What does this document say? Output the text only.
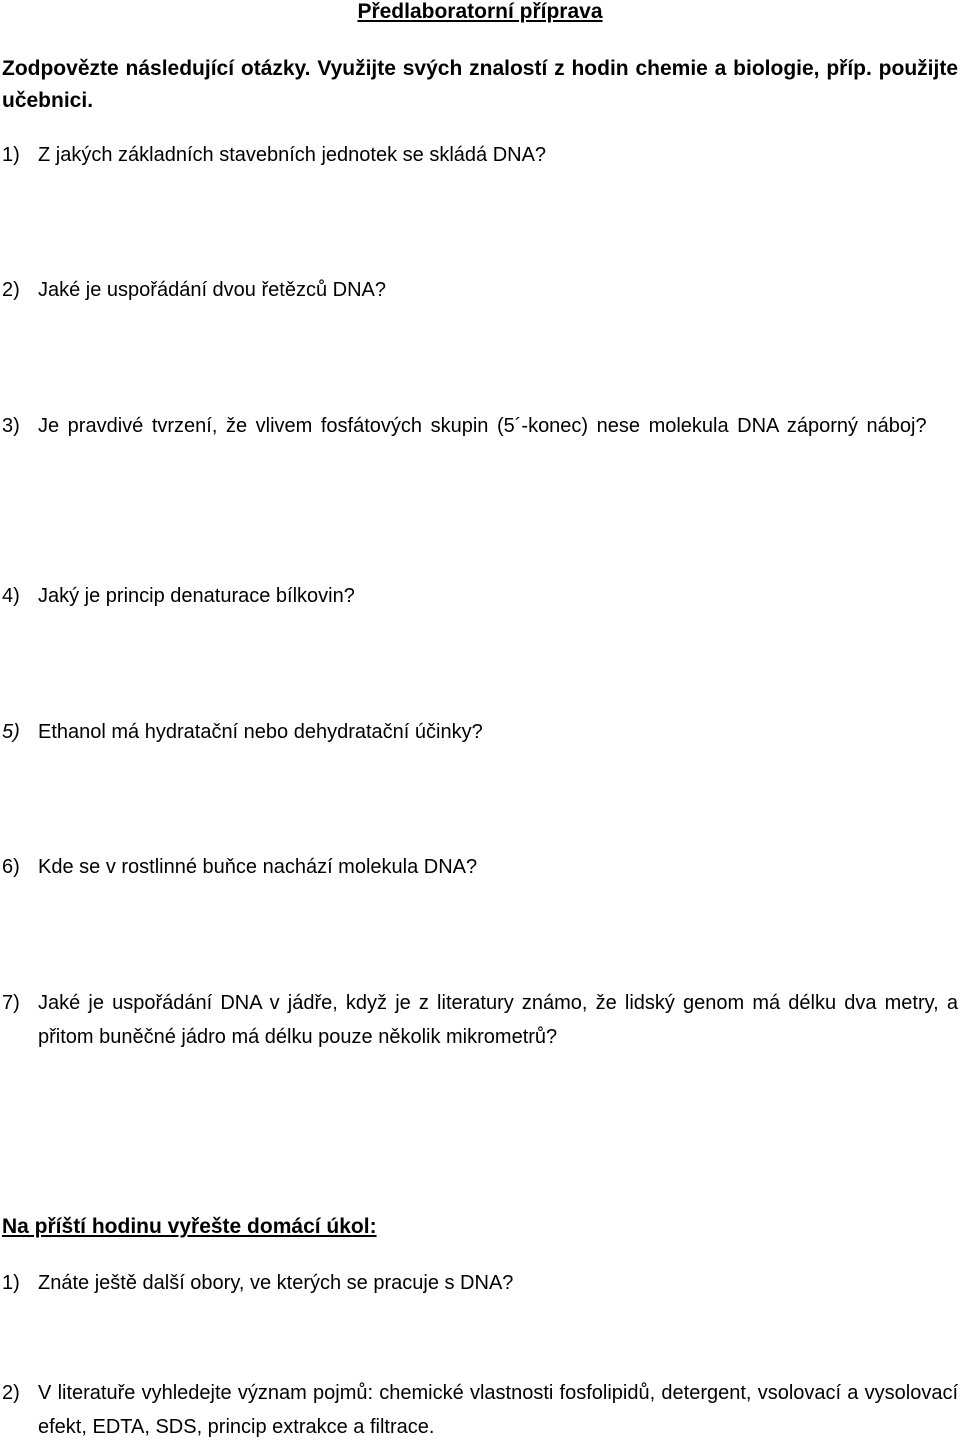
Předlaboratorní příprava
Zodpovězte následující otázky. Využijte svých znalostí z hodin chemie a biologie, příp. použijte učebnici.
1) Z jakých základních stavebních jednotek se skládá DNA?
2) Jaké je uspořádání dvou řetězců DNA?
3) Je pravdivé tvrzení, že vlivem fosfátových skupin (5´-konec) nese molekula DNA záporný náboj?
4) Jaký je princip denaturace bílkovin?
5) Ethanol má hydratační nebo dehydratační účinky?
6) Kde se v rostlinné buňce nachází molekula DNA?
7) Jaké je uspořádání DNA v jádře, když je z literatury známo, že lidský genom má délku dva metry, a přitom buněčné jádro má délku pouze několik mikrometrů?
Na příští hodinu vyřešte domácí úkol:
1) Znáte ještě další obory, ve kterých se pracuje s DNA?
2) V literatuře vyhledejte význam pojmů: chemické vlastnosti fosfolipidů, detergent, vsolovací a vysolovací efekt, EDTA, SDS, princip extrakce a filtrace.
